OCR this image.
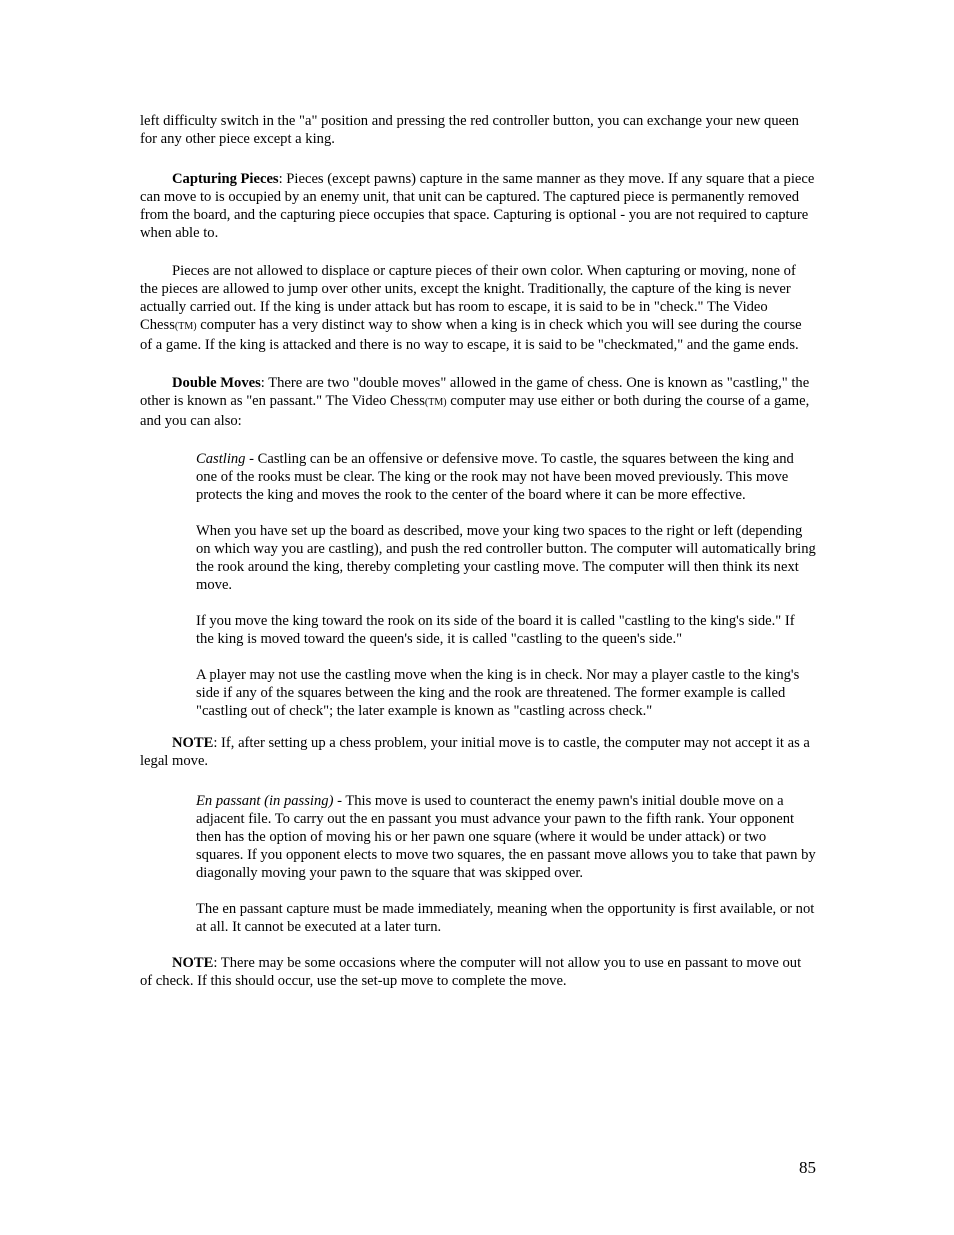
left difficulty switch in the "a" position and pressing the red controller button, you can exchange your new queen for any other piece except a king.

Capturing Pieces: Pieces (except pawns) capture in the same manner as they move. If any square that a piece can move to is occupied by an enemy unit, that unit can be captured. The captured piece is permanently removed from the board, and the capturing piece occupies that space. Capturing is optional - you are not required to capture when able to.

Pieces are not allowed to displace or capture pieces of their own color. When capturing or moving, none of the pieces are allowed to jump over other units, except the knight. Traditionally, the capture of the king is never actually carried out. If the king is under attack but has room to escape, it is said to be in "check." The Video Chess(TM) computer has a very distinct way to show when a king is in check which you will see during the course of a game. If the king is attacked and there is no way to escape, it is said to be "checkmated," and the game ends.

Double Moves: There are two "double moves" allowed in the game of chess. One is known as "castling," the other is known as "en passant." The Video Chess(TM) computer may use either or both during the course of a game, and you can also:

Castling - Castling can be an offensive or defensive move. To castle, the squares between the king and one of the rooks must be clear. The king or the rook may not have been moved previously. This move protects the king and moves the rook to the center of the board where it can be more effective.

When you have set up the board as described, move your king two spaces to the right or left (depending on which way you are castling), and push the red controller button. The computer will automatically bring the rook around the king, thereby completing your castling move. The computer will then think its next move.

If you move the king toward the rook on its side of the board it is called "castling to the king's side." If the king is moved toward the queen's side, it is called "castling to the queen's side."

A player may not use the castling move when the king is in check. Nor may a player castle to the king's side if any of the squares between the king and the rook are threatened. The former example is called "castling out of check"; the later example is known as "castling across check."

NOTE: If, after setting up a chess problem, your initial move is to castle, the computer may not accept it as a legal move.

En passant (in passing) - This move is used to counteract the enemy pawn's initial double move on a adjacent file. To carry out the en passant you must advance your pawn to the fifth rank. Your opponent then has the option of moving his or her pawn one square (where it would be under attack) or two squares. If you opponent elects to move two squares, the en passant move allows you to take that pawn by diagonally moving your pawn to the square that was skipped over.

The en passant capture must be made immediately, meaning when the opportunity is first available, or not at all. It cannot be executed at a later turn.

NOTE: There may be some occasions where the computer will not allow you to use en passant to move out of check. If this should occur, use the set-up move to complete the move.

85
